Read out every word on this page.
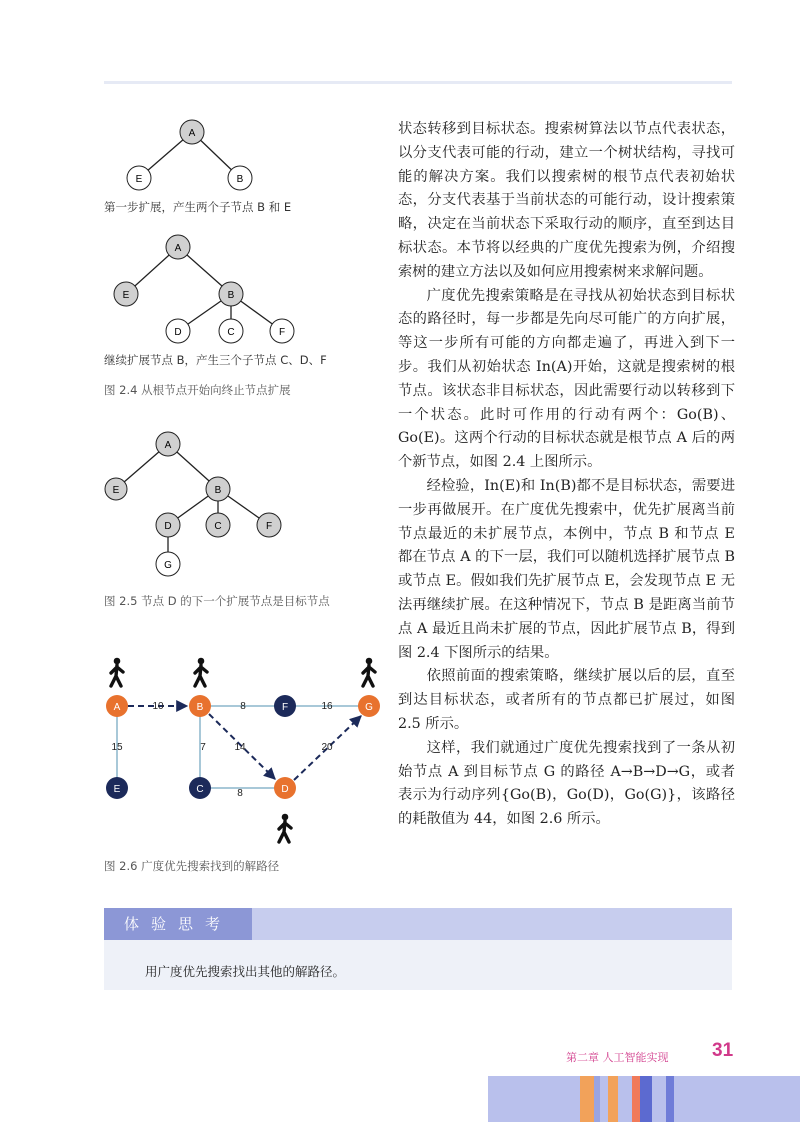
A
E	B
第一步扩展，产生两个子节点 B 和 E
A
E	B
D	C	F
继续扩展节点 B，产生三个子节点 C、D、F
图 2.4 从根节点开始向终止节点扩展
A
E	B
D	C	F
G
图 2.5 节点 D 的下一个扩展节点是目标节点
10	8	16
15	7	14	20
8
A	B	F	G
E	C	D
图 2.6 广度优先搜索找到的解路径

状态转移到目标状态。搜索树算法以节点代表状态，以分支代表可能的行动，建立一个树状结构，寻找可能的解决方案。我们以搜索树的根节点代表初始状态，分支代表基于当前状态的可能行动，设计搜索策略，决定在当前状态下采取行动的顺序，直至到达目标状态。本节将以经典的广度优先搜索为例，介绍搜索树的建立方法以及如何应用搜索树来求解问题。

广度优先搜索策略是在寻找从初始状态到目标状态的路径时，每一步都是先向尽可能广的方向扩展，等这一步所有可能的方向都走遍了，再进入到下一步。我们从初始状态 In(A)开始，这就是搜索树的根节点。该状态非目标状态，因此需要行动以转移到下一个状态。此时可作用的行动有两个：Go(B)、Go(E)。这两个行动的目标状态就是根节点 A 后的两个新节点，如图 2.4 上图所示。

经检验，In(E)和 In(B)都不是目标状态，需要进一步再做展开。在广度优先搜索中，优先扩展离当前节点最近的未扩展节点，本例中，节点 B 和节点 E 都在节点 A 的下一层，我们可以随机选择扩展节点 B 或节点 E。假如我们先扩展节点 E，会发现节点 E 无法再继续扩展。在这种情况下，节点 B 是距离当前节点 A 最近且尚未扩展的节点，因此扩展节点 B，得到图 2.4 下图所示的结果。

依照前面的搜索策略，继续扩展以后的层，直至到达目标状态，或者所有的节点都已扩展过，如图 2.5 所示。

这样，我们就通过广度优先搜索找到了一条从初始节点 A 到目标节点 G 的路径 A→B→D→G，或者表示为行动序列{Go(B)，Go(D)，Go(G)}，该路径的耗散值为 44，如图 2.6 所示。

体验思考
用广度优先搜索找出其他的解路径。
第二章 人工智能实现 31
